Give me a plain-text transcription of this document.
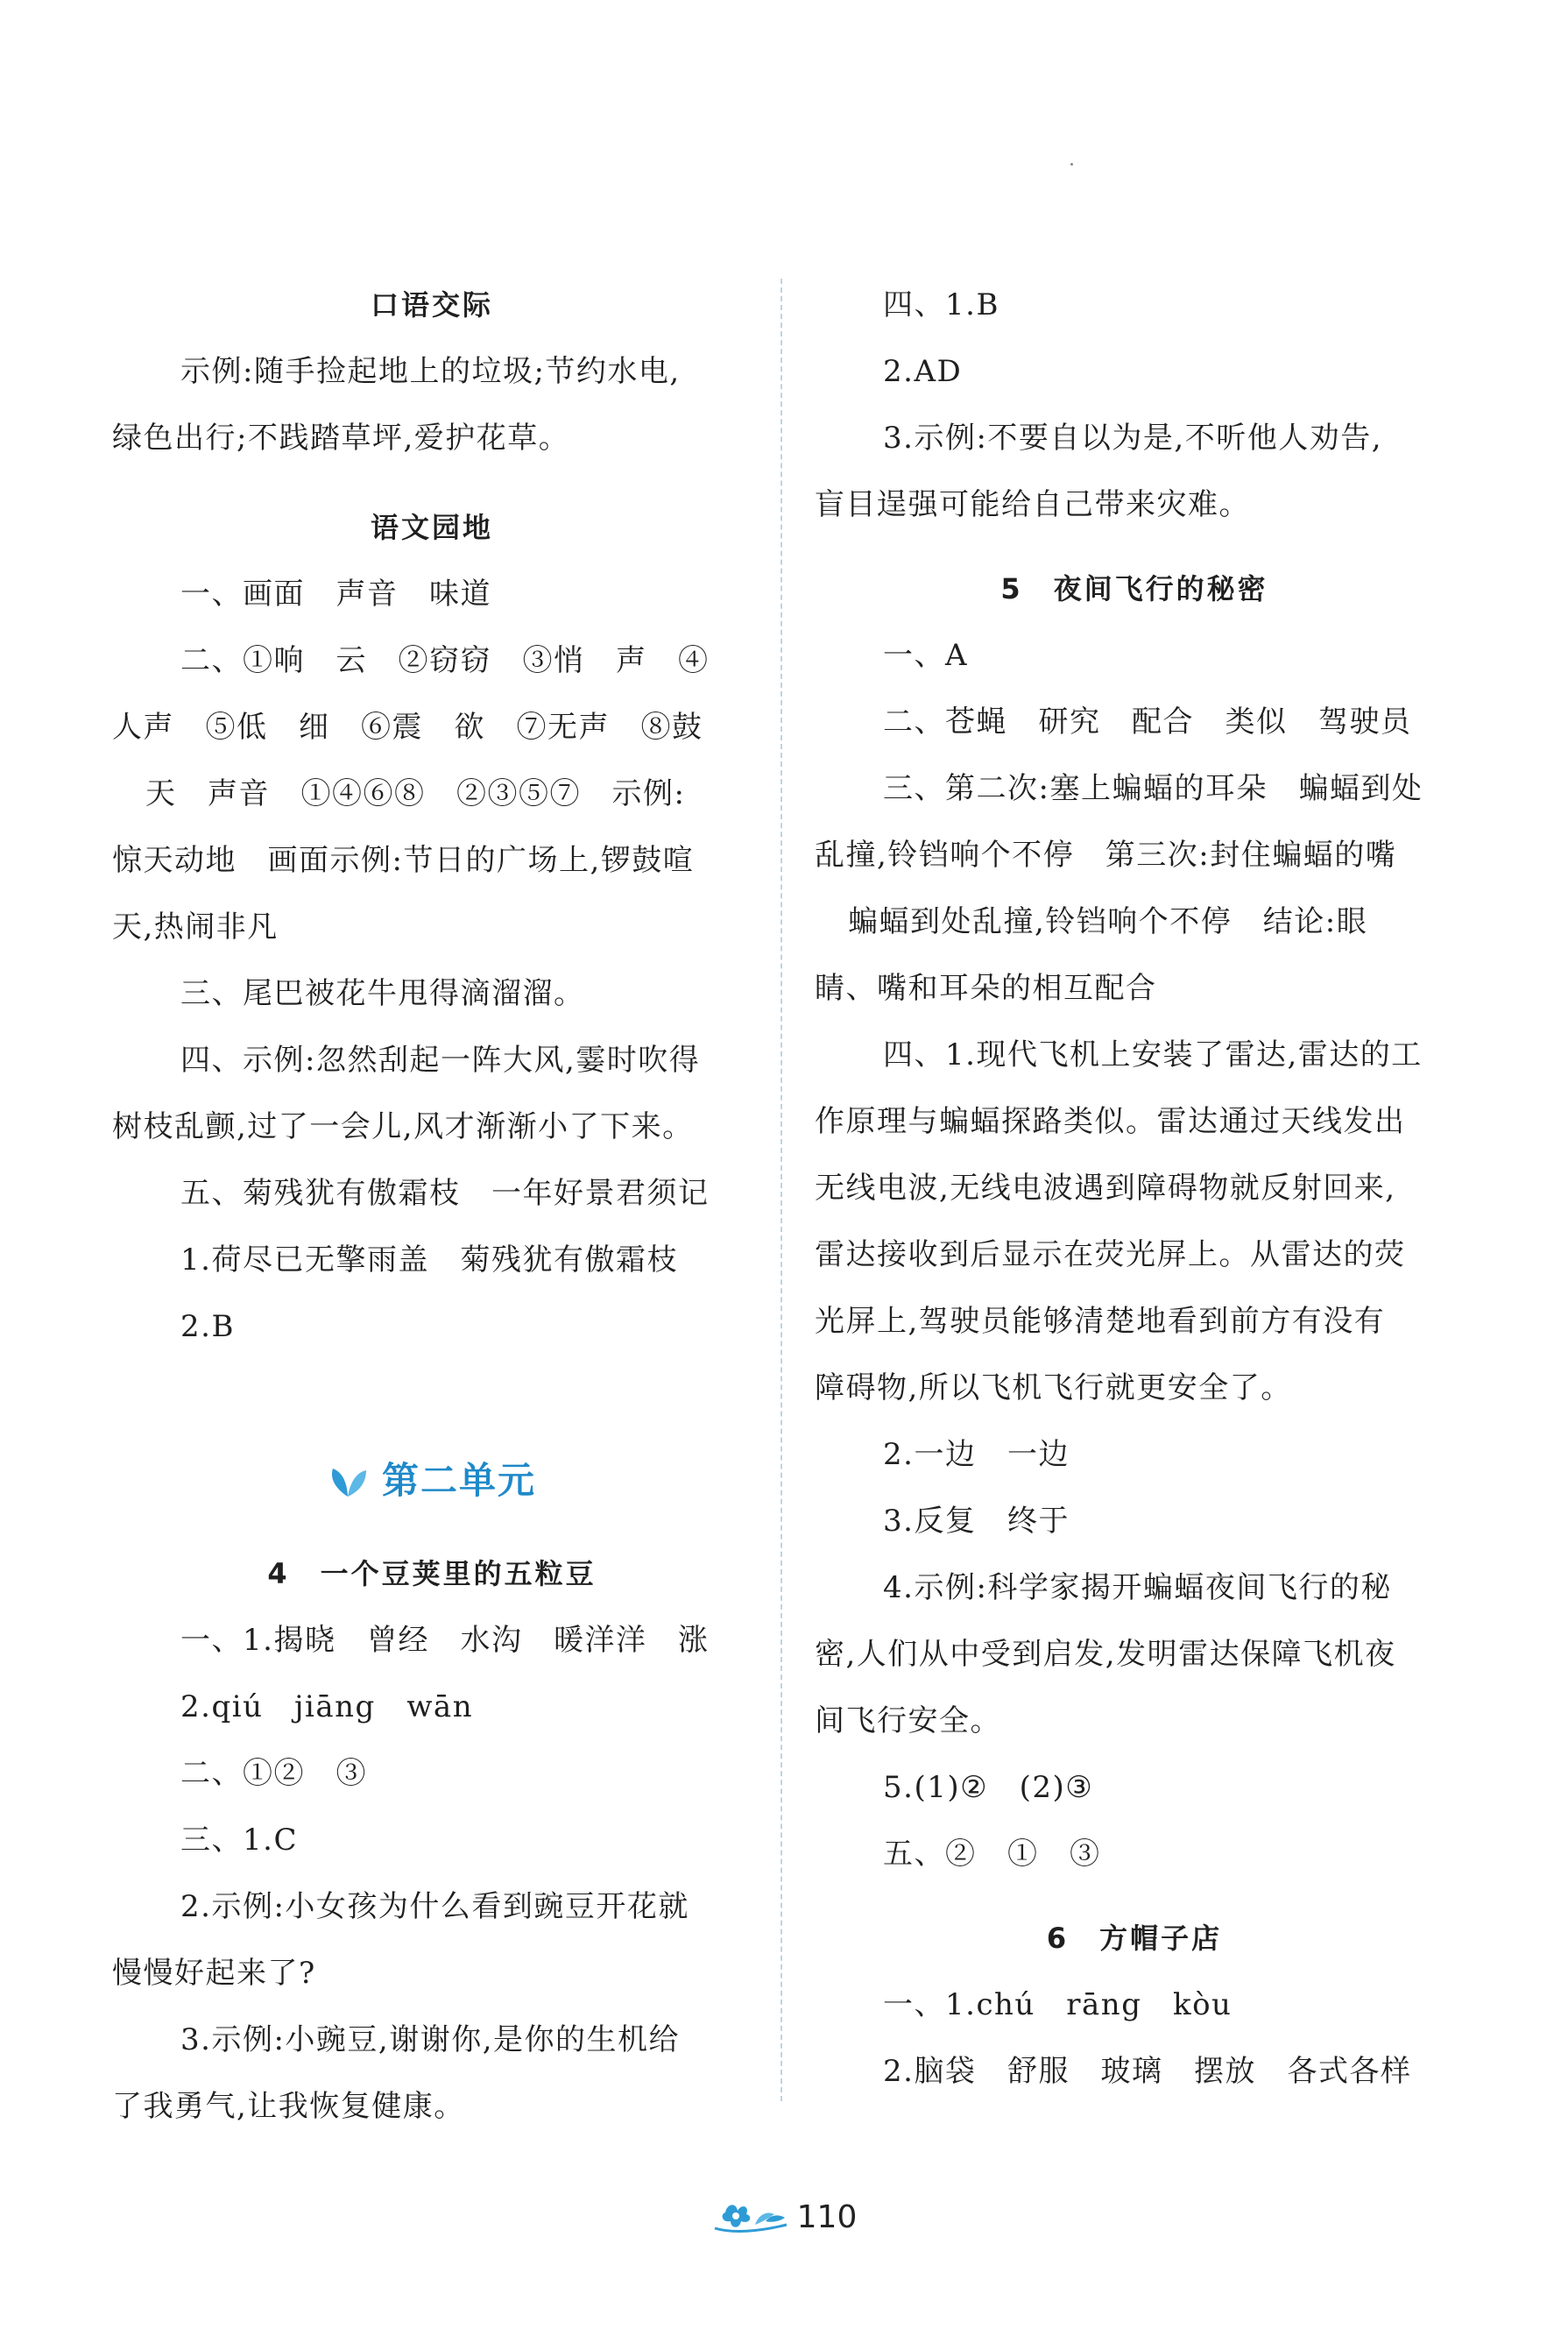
口语交际
示例:随手捡起地上的垃圾;节约水电,
绿色出行;不践踏草坪,爱护花草。
语文园地
一、画面　声音　味道
二、①响　云　②窃窃　③悄　声　④
人声　⑤低　细　⑥震　欲　⑦无声　⑧鼓
天　声音　①④⑥⑧　②③⑤⑦　示例:
惊天动地　画面示例:节日的广场上,锣鼓喧
天,热闹非凡
三、尾巴被花牛甩得滴溜溜。
四、示例:忽然刮起一阵大风,霎时吹得
树枝乱颤,过了一会儿,风才渐渐小了下来。
五、菊残犹有傲霜枝　一年好景君须记
1.荷尽已无擎雨盖　菊残犹有傲霜枝
2.B
第二单元
4　一个豆荚里的五粒豆
一、1.揭晓　曾经　水沟　暖洋洋　涨
2.qiú　jiāng　wān
二、①②　③
三、1.C
2.示例:小女孩为什么看到豌豆开花就
慢慢好起来了?
3.示例:小豌豆,谢谢你,是你的生机给
了我勇气,让我恢复健康。
四、1.B
2.AD
3.示例:不要自以为是,不听他人劝告,
盲目逞强可能给自己带来灾难。
5　夜间飞行的秘密
一、A
二、苍蝇　研究　配合　类似　驾驶员
三、第二次:塞上蝙蝠的耳朵　蝙蝠到处
乱撞,铃铛响个不停　第三次:封住蝙蝠的嘴
蝙蝠到处乱撞,铃铛响个不停　结论:眼
睛、嘴和耳朵的相互配合
四、1.现代飞机上安装了雷达,雷达的工
作原理与蝙蝠探路类似。雷达通过天线发出
无线电波,无线电波遇到障碍物就反射回来,
雷达接收到后显示在荧光屏上。从雷达的荧
光屏上,驾驶员能够清楚地看到前方有没有
障碍物,所以飞机飞行就更安全了。
2.一边　一边
3.反复　终于
4.示例:科学家揭开蝙蝠夜间飞行的秘
密,人们从中受到启发,发明雷达保障飞机夜
间飞行安全。
5.(1)②　(2)③
五、②　①　③
6　方帽子店
一、1.chú　rāng　kòu
2.脑袋　舒服　玻璃　摆放　各式各样
110
